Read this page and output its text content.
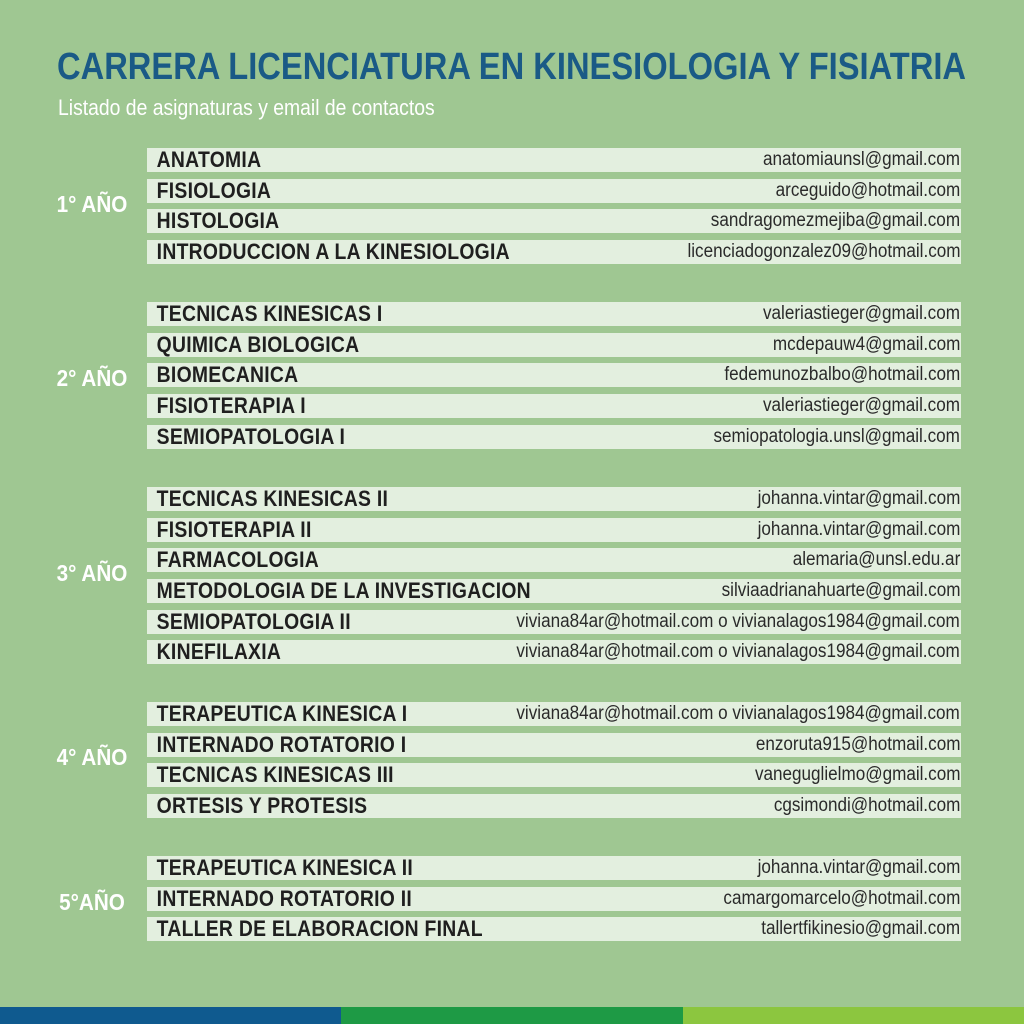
CARRERA LICENCIATURA EN KINESIOLOGIA Y FISIATRIA
Listado de asignaturas y email de contactos
1° AÑO
ANATOMIA	anatomiaunsl@gmail.com
FISIOLOGIA	arceguido@hotmail.com
HISTOLOGIA	sandragomezmejiba@gmail.com
INTRODUCCION A LA KINESIOLOGIA	licenciadogonzalez09@hotmail.com
2° AÑO
TECNICAS KINESICAS I	valeriastieger@gmail.com
QUIMICA BIOLOGICA	mcdepauw4@gmail.com
BIOMECANICA	fedemunozbalbo@hotmail.com
FISIOTERAPIA I	valeriastieger@gmail.com
SEMIOPATOLOGIA I	semiopatologia.unsl@gmail.com
3° AÑO
TECNICAS KINESICAS II	johanna.vintar@gmail.com
FISIOTERAPIA II	johanna.vintar@gmail.com
FARMACOLOGIA	alemaria@unsl.edu.ar
METODOLOGIA DE LA INVESTIGACION	silviaadrianahuarte@gmail.com
SEMIOPATOLOGIA II	viviana84ar@hotmail.com o vivianalagos1984@gmail.com
KINEFILAXIA	viviana84ar@hotmail.com o vivianalagos1984@gmail.com
4° AÑO
TERAPEUTICA KINESICA I	viviana84ar@hotmail.com o vivianalagos1984@gmail.com
INTERNADO ROTATORIO I	enzoruta915@hotmail.com
TECNICAS KINESICAS III	vaneguglielmo@gmail.com
ORTESIS Y PROTESIS	cgsimondi@hotmail.com
5°AÑO
TERAPEUTICA KINESICA II	johanna.vintar@gmail.com
INTERNADO ROTATORIO II	camargomarcelo@hotmail.com
TALLER DE ELABORACION FINAL	tallertfikinesio@gmail.com
